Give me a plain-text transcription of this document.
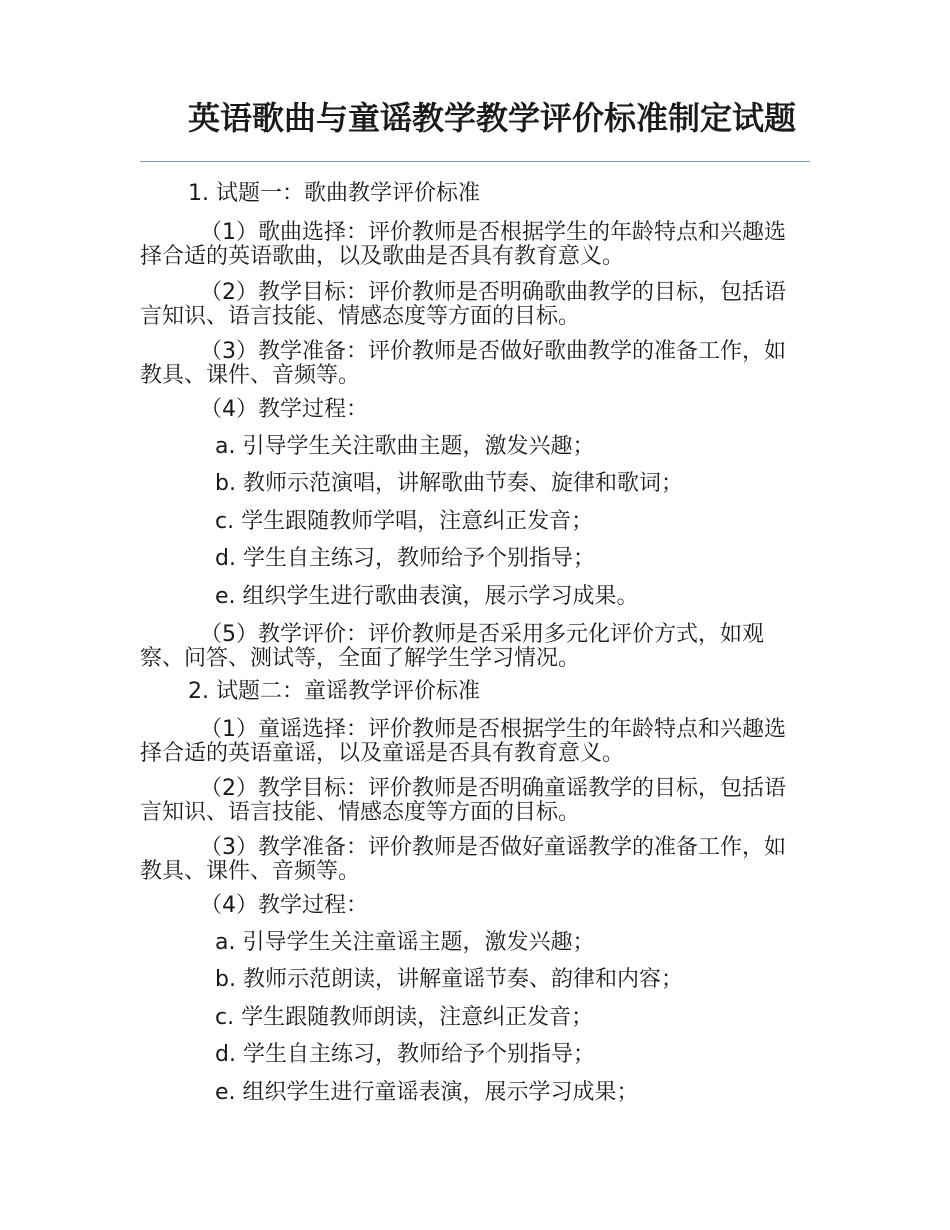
英语歌曲与童谣教学教学评价标准制定试题
1. 试题一：歌曲教学评价标准
（1）歌曲选择：评价教师是否根据学生的年龄特点和兴趣选择合适的英语歌曲，以及歌曲是否具有教育意义。
（2）教学目标：评价教师是否明确歌曲教学的目标，包括语言知识、语言技能、情感态度等方面的目标。
（3）教学准备：评价教师是否做好歌曲教学的准备工作，如教具、课件、音频等。
（4）教学过程：
a. 引导学生关注歌曲主题，激发兴趣；
b. 教师示范演唱，讲解歌曲节奏、旋律和歌词；
c. 学生跟随教师学唱，注意纠正发音；
d. 学生自主练习，教师给予个别指导；
e. 组织学生进行歌曲表演，展示学习成果。
（5）教学评价：评价教师是否采用多元化评价方式，如观察、问答、测试等，全面了解学生学习情况。
2. 试题二：童谣教学评价标准
（1）童谣选择：评价教师是否根据学生的年龄特点和兴趣选择合适的英语童谣，以及童谣是否具有教育意义。
（2）教学目标：评价教师是否明确童谣教学的目标，包括语言知识、语言技能、情感态度等方面的目标。
（3）教学准备：评价教师是否做好童谣教学的准备工作，如教具、课件、音频等。
（4）教学过程：
a. 引导学生关注童谣主题，激发兴趣；
b. 教师示范朗读，讲解童谣节奏、韵律和内容；
c. 学生跟随教师朗读，注意纠正发音；
d. 学生自主练习，教师给予个别指导；
e. 组织学生进行童谣表演，展示学习成果；
